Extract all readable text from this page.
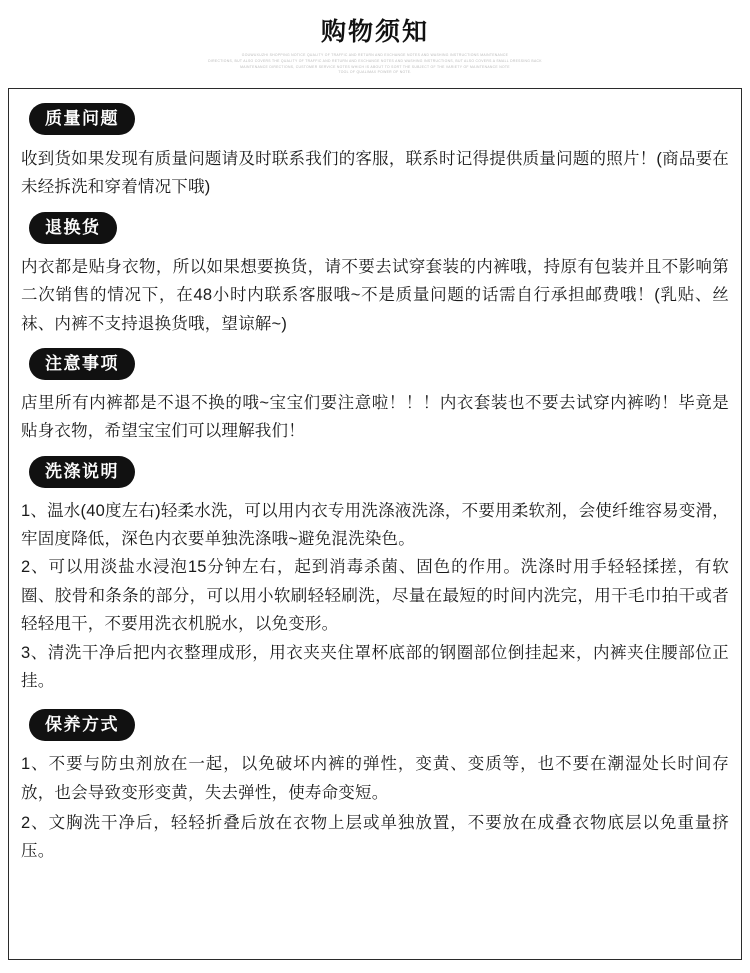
购物须知
GOUWUXUZHI SHOPPING NOTICE QUALITY OF TRAFFIC AND RETURN AND EXCHANGE NOTES AND WASHING INSTRUCTIONS MAINTENANCE
DIRECTIONS, BUT ALSO COVERS THE QUALITY OF TRAFFIC AND RETURN AND EXCHANGE NOTES AND WASHING INSTRUCTIONS, BUT ALSO COVERS A SMALL DRESSING BACK
MAINTENANCE DIRECTIONS, CUSTOMER SERVICE NOTES WHICH IS ABOUT TO SORT THE SUBJECT OF THE VARIETY OF MAINTENANCE NOTE
TOOL OF QUALIMAX POWER OF NOTE.
质量问题

收到货如果发现有质量问题请及时联系我们的客服，联系时记得提供质量问题的照片！(商品要在未经拆洗和穿着情况下哦)

退换货

内衣都是贴身衣物，所以如果想要换货，请不要去试穿套装的内裤哦，持原有包装并且不影响第二次销售的情况下，在48小时内联系客服哦~不是质量问题的话需自行承担邮费哦！(乳贴、丝袜、内裤不支持退换货哦，望谅解~)

注意事项

店里所有内裤都是不退不换的哦~宝宝们要注意啦！！！内衣套装也不要去试穿内裤哟！毕竟是贴身衣物，希望宝宝们可以理解我们！

洗涤说明

1、温水(40度左右)轻柔水洗，可以用内衣专用洗涤液洗涤，不要用柔软剂，会使纤维容易变滑，牢固度降低，深色内衣要单独洗涤哦~避免混洗染色。

2、可以用淡盐水浸泡15分钟左右，起到消毒杀菌、固色的作用。洗涤时用手轻轻揉搓，有软圈、胶骨和条条的部分，可以用小软刷轻轻刷洗，尽量在最短的时间内洗完，用干毛巾拍干或者轻轻甩干，不要用洗衣机脱水，以免变形。

3、清洗干净后把内衣整理成形，用衣夹夹住罩杯底部的钢圈部位倒挂起来，内裤夹住腰部位正挂。

保养方式

1、不要与防虫剂放在一起，以免破坏内裤的弹性，变黄、变质等，也不要在潮湿处长时间存放，也会导致变形变黄，失去弹性，使寿命变短。

2、文胸洗干净后，轻轻折叠后放在衣物上层或单独放置，不要放在成叠衣物底层以免重量挤压。
